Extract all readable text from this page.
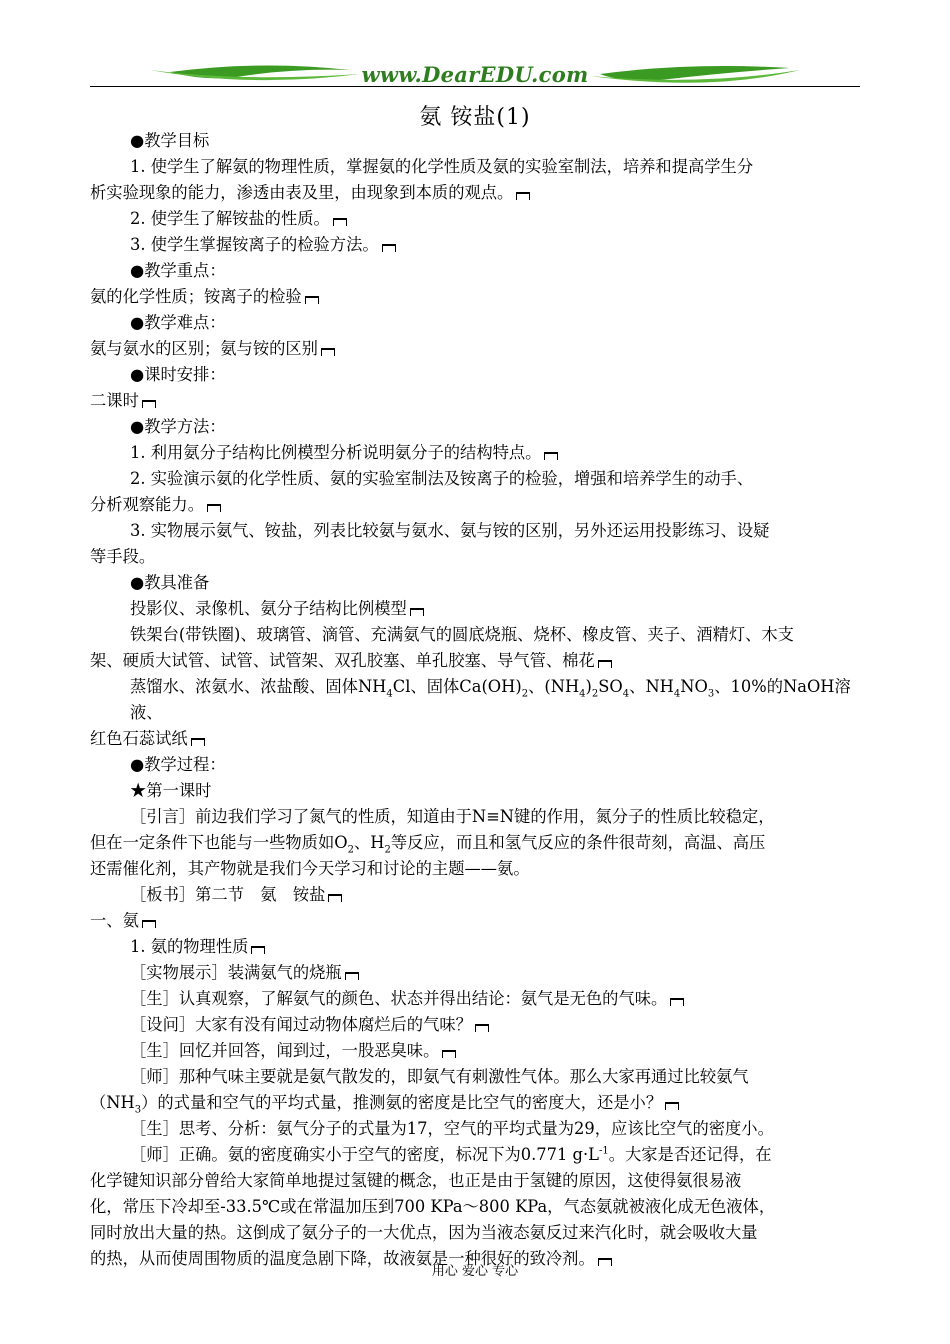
www.DearEDU.com
氨 铵盐(1)
●教学目标
1. 使学生了解氨的物理性质，掌握氨的化学性质及氨的实验室制法，培养和提高学生分
析实验现象的能力，渗透由表及里，由现象到本质的观点。
2. 使学生了解铵盐的性质。
3. 使学生掌握铵离子的检验方法。
●教学重点：
氨的化学性质；铵离子的检验
●教学难点：
氨与氨水的区别；氨与铵的区别
●课时安排：
二课时
●教学方法：
1. 利用氨分子结构比例模型分析说明氨分子的结构特点。
2. 实验演示氨的化学性质、氨的实验室制法及铵离子的检验，增强和培养学生的动手、
分析观察能力。
3. 实物展示氨气、铵盐，列表比较氨与氨水、氨与铵的区别，另外还运用投影练习、设疑
等手段。
●教具准备
投影仪、录像机、氨分子结构比例模型
铁架台(带铁圈)、玻璃管、滴管、充满氨气的圆底烧瓶、烧杯、橡皮管、夹子、酒精灯、木支
架、硬质大试管、试管、试管架、双孔胶塞、单孔胶塞、导气管、棉花
蒸馏水、浓氨水、浓盐酸、固体$NH_4Cl$、固体$Ca(OH)_2$、$(NH_4)_2SO_4$、$NH_4NO_3$、10%的NaOH溶液、
红色石蕊试纸
●教学过程：
★第一课时
［引言］前边我们学习了氮气的性质，知道由于N≡N键的作用，氮分子的性质比较稳定，
但在一定条件下也能与一些物质如$O_2$、$H_2$等反应，而且和氢气反应的条件很苛刻，高温、高压
还需催化剂，其产物就是我们今天学习和讨论的主题——氨。
［板书］第二节　氨　铵盐
一、氨
1. 氨的物理性质
［实物展示］装满氨气的烧瓶
［生］认真观察，了解氨气的颜色、状态并得出结论：氨气是无色的气味。
［设问］大家有没有闻过动物体腐烂后的气味？
［生］回忆并回答，闻到过，一股恶臭味。
［师］那种气味主要就是氨气散发的，即氨气有刺激性气体。那么大家再通过比较氨气
$(NH_3)$的式量和空气的平均式量，推测氨的密度是比空气的密度大，还是小？
［生］思考、分析：氨气分子的式量为17，空气的平均式量为29，应该比空气的密度小。
［师］正确。氨的密度确实小于空气的密度，标况下为0.771 $g\cdot L^{-1}$。大家是否还记得，在
化学键知识部分曾给大家简单地提过氢键的概念，也正是由于氢键的原因，这使得氨很易液
化，常压下冷却至-33.5℃或在常温加压到700 KPa～800 KPa，气态氨就被液化成无色液体，
同时放出大量的热。这倒成了氨分子的一大优点，因为当液态氨反过来汽化时，就会吸收大量
的热，从而使周围物质的温度急剧下降，故液氨是一种很好的致冷剂。
用心 爱心 专心
